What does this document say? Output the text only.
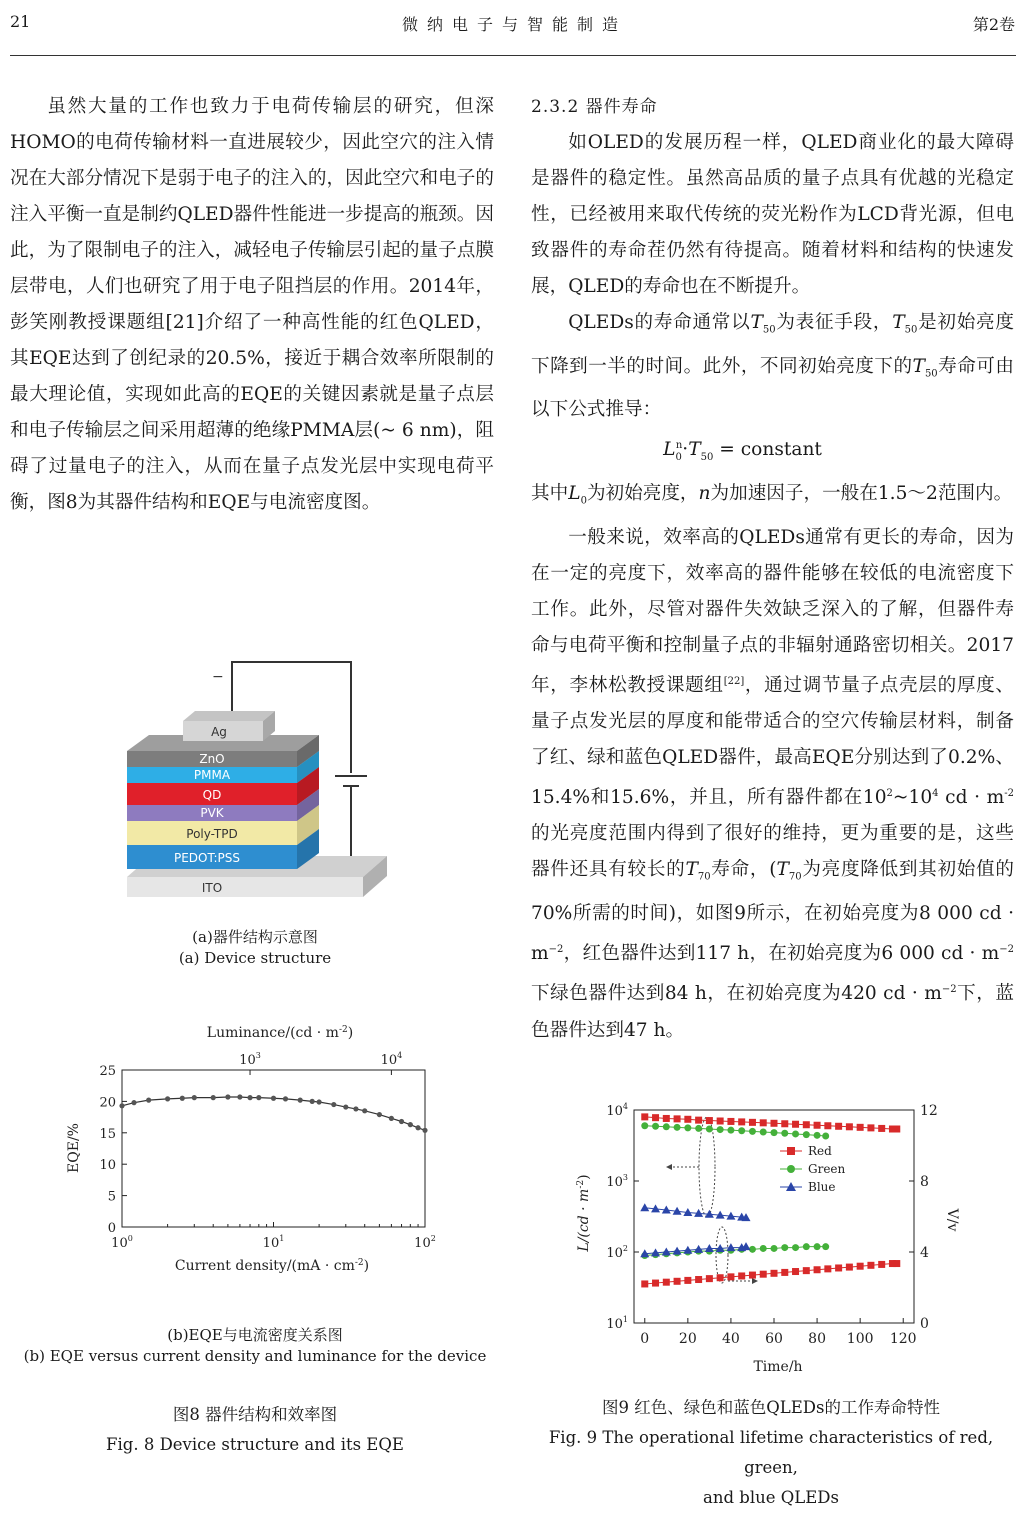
21	微纳电子与智能制造	第2卷

虽然大量的工作也致力于电荷传输层的研究，但深HOMO的电荷传输材料一直进展较少，因此空穴的注入情况在大部分情况下是弱于电子的注入的，因此空穴和电子的注入平衡一直是制约QLED器件性能进一步提高的瓶颈。因此，为了限制电子的注入，减轻电子传输层引起的量子点膜层带电，人们也研究了用于电子阻挡层的作用。2014年，彭笑刚教授课题组[21]介绍了一种高性能的红色QLED，其EQE达到了创纪录的20.5%，接近于耦合效率所限制的最大理论值，实现如此高的EQE的关键因素就是量子点层和电子传输层之间采用超薄的绝缘PMMA层(~ 6 nm)，阻碍了过量电子的注入，从而在量子点发光层中实现电荷平衡，图8为其器件结构和EQE与电流密度图。

2.3.2 器件寿命

如OLED的发展历程一样，QLED商业化的最大障碍是器件的稳定性。虽然高品质的量子点具有优越的光稳定性，已经被用来取代传统的荧光粉作为LCD背光源，但电致器件的寿命茬仍然有待提高。随着材料和结构的快速发展，QLED的寿命也在不断提升。

QLEDs的寿命通常以$T_{50}$为表征手段，$T_{50}$是初始亮度下降到一半的时间。此外，不同初始亮度下的$T_{50}$寿命可由以下公式推导：

$L_0^n\cdot T_{50}$ = constant

其中$L_0$为初始亮度，n为加速因子，一般在1.5～2范围内。

一般来说，效率高的QLEDs通常有更长的寿命，因为在一定的亮度下，效率高的器件能够在较低的电流密度下工作。此外，尽管对器件失效缺乏深入的了解，但器件寿命与电荷平衡和控制量子点的非辐射通路密切相关。2017年，李林松教授课题组[22]，通过调节量子点壳层的厚度、量子点发光层的厚度和能带适合的空穴传输层材料，制备了红、绿和蓝色QLED器件，最高EQE分别达到了0.2%、15.4%和15.6%，并且，所有器件都在$10^2\sim 10^4$ cd · $m^{-2}$的光亮度范围内得到了很好的维持，更为重要的是，这些器件还具有较长的$T_{70}$寿命，($T_{70}$为亮度降低到其初始值的70%所需的时间)，如图9所示，在初始亮度为8 000 cd · $m^{-2}$，红色器件达到117 h，在初始亮度为6 000 cd · $m^{-2}$下绿色器件达到84 h，在初始亮度为420 cd · $m^{-2}$下，蓝色器件达到47 h。

−
Ag
ZnO
PMMA
QD
PVK
Poly-TPD
PEDOT:PSS
ITO
(a)器件结构示意图
(a) Device structure
Luminance/(cd · $m^{-2}$)
EQE/%
Current density/(mA · $cm^{-2}$)
0
5
10
15
20
25
$10^0$	$10^1$	$10^2$
$10^3$	$10^4$
(b)EQE与电流密度关系图
(b) EQE versus current density and luminance for the device
图8 器件结构和效率图
Fig. 8 Device structure and its EQE
$L/(cd \cdot m^{-2})$
V/v
Time/h
0 20 40 60 80 100 120
$10^1$
$10^2$
$10^3$
$10^4$
0
4
8
12
Red
Green
Blue
图9 红色、绿色和蓝色QLEDs的工作寿命特性
Fig. 9 The operational lifetime characteristics of red, green,
and blue QLEDs
